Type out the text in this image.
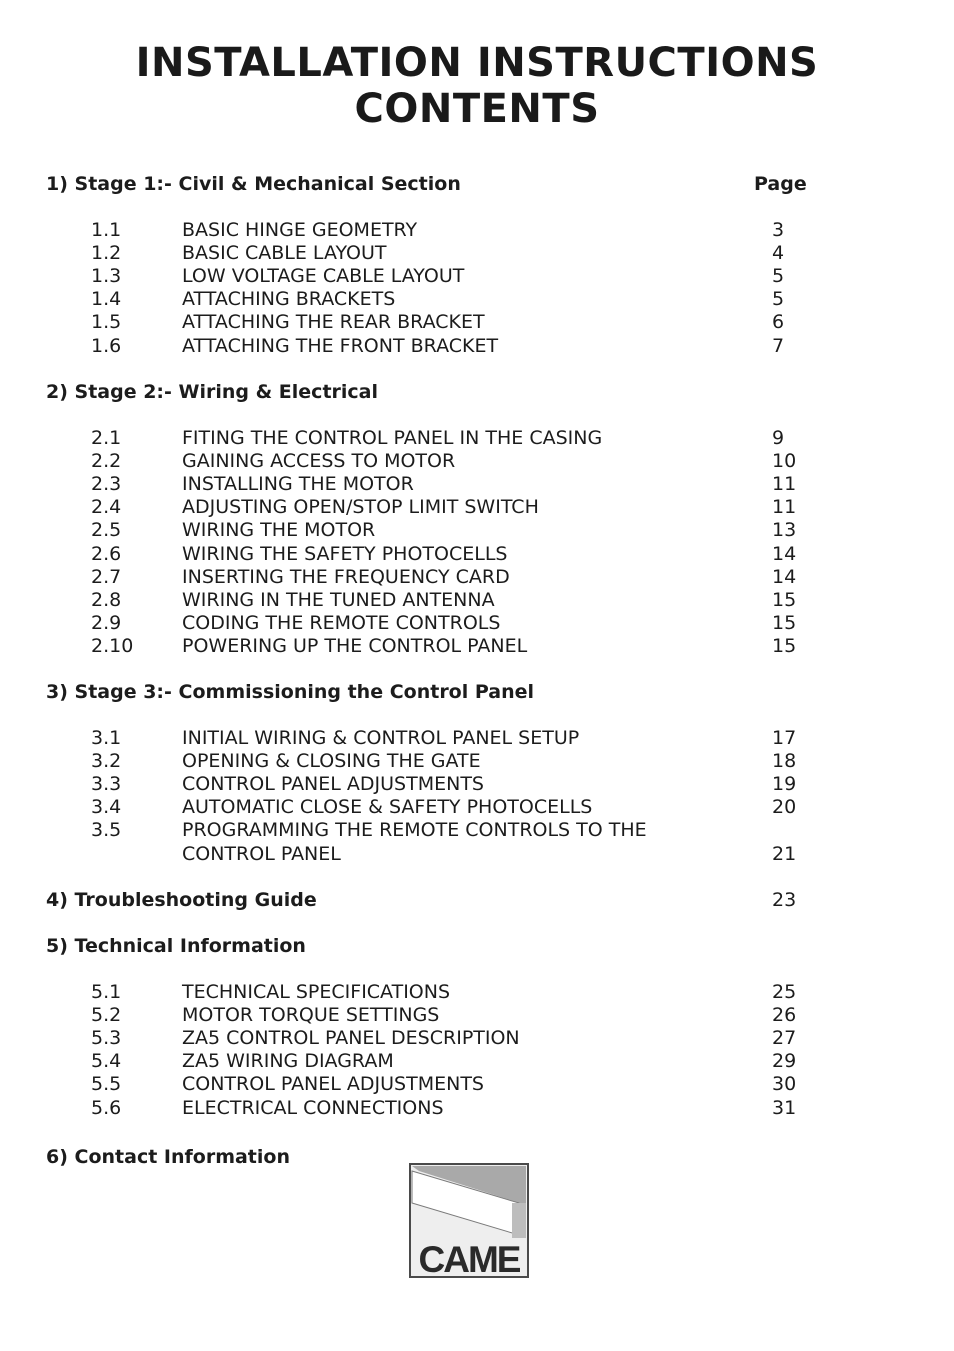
INSTALLATION INSTRUCTIONS
CONTENTS
1) Stage 1:- Civil & Mechanical Section	Page
1.1	BASIC HINGE GEOMETRY	3
1.2	BASIC CABLE LAYOUT	4
1.3	LOW VOLTAGE CABLE LAYOUT	5
1.4	ATTACHING BRACKETS	5
1.5	ATTACHING THE REAR BRACKET	6
1.6	ATTACHING THE FRONT BRACKET	7
2) Stage 2:- Wiring & Electrical
2.1	FITING THE CONTROL PANEL IN THE CASING	9
2.2	GAINING ACCESS TO MOTOR	10
2.3	INSTALLING THE MOTOR	11
2.4	ADJUSTING OPEN/STOP LIMIT SWITCH	11
2.5	WIRING THE MOTOR	13
2.6	WIRING THE SAFETY PHOTOCELLS	14
2.7	INSERTING THE FREQUENCY CARD	14
2.8	WIRING IN THE TUNED ANTENNA	15
2.9	CODING THE REMOTE CONTROLS	15
2.10	POWERING UP THE CONTROL PANEL	15
3) Stage 3:- Commissioning the Control Panel
3.1	INITIAL WIRING & CONTROL PANEL SETUP	17
3.2	OPENING & CLOSING THE GATE	18
3.3	CONTROL PANEL ADJUSTMENTS	19
3.4	AUTOMATIC CLOSE & SAFETY PHOTOCELLS	20
3.5	PROGRAMMING THE REMOTE CONTROLS TO THE
CONTROL PANEL	21
4) Troubleshooting Guide	23
5) Technical Information
5.1	TECHNICAL SPECIFICATIONS	25
5.2	MOTOR TORQUE SETTINGS	26
5.3	ZA5 CONTROL PANEL DESCRIPTION	27
5.4	ZA5 WIRING DIAGRAM	29
5.5	CONTROL PANEL ADJUSTMENTS	30
5.6	ELECTRICAL CONNECTIONS	31
6) Contact Information
CAME
